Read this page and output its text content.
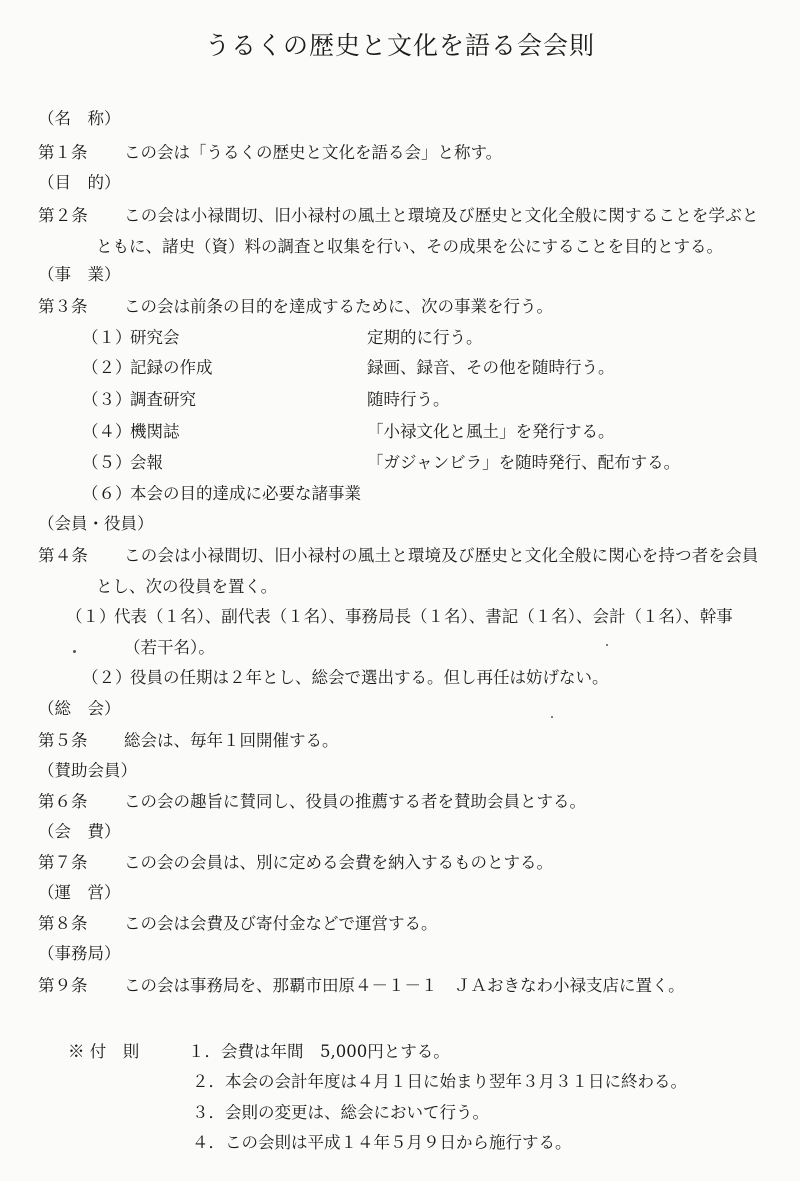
うるくの歴史と文化を語る会会則
（名　称）
第１条 この会は「うるくの歴史と文化を語る会」と称す。
（目　的）
第２条 この会は小禄間切、旧小禄村の風土と環境及び歴史と文化全般に関することを学ぶと
ともに、諸史（資）料の調査と収集を行い、その成果を公にすることを目的とする。
（事　業）
第３条 この会は前条の目的を達成するために、次の事業を行う。
（１）研究会	定期的に行う。
（２）記録の作成	録画、録音、その他を随時行う。
（３）調査研究	随時行う。
（４）機関誌	「小禄文化と風土」を発行する。
（５）会報	「ガジャンビラ」を随時発行、配布する。
（６）本会の目的達成に必要な諸事業
（会員・役員）
第４条 この会は小禄間切、旧小禄村の風土と環境及び歴史と文化全般に関心を持つ者を会員
とし、次の役員を置く。
（１）代表（１名）、副代表（１名）、事務局長（１名）、書記（１名）、会計（１名）、幹事
（若干名）。
（２）役員の任期は２年とし、総会で選出する。但し再任は妨げない。
（総　会）
第５条 総会は、毎年１回開催する。
（賛助会員）
第６条 この会の趣旨に賛同し、役員の推薦する者を賛助会員とする。
（会　費）
第７条 この会の会員は、別に定める会費を納入するものとする。
（運　営）
第８条 この会は会費及び寄付金などで運営する。
（事務局）
第９条 この会は事務局を、那覇市田原４－１－１　ＪＡおきなわ小禄支店に置く。
※ 付　則	１．会費は年間　5,000円とする。
２．本会の会計年度は４月１日に始まり翌年３月３１日に終わる。
３．会則の変更は、総会において行う。
４．この会則は平成１４年５月９日から施行する。
